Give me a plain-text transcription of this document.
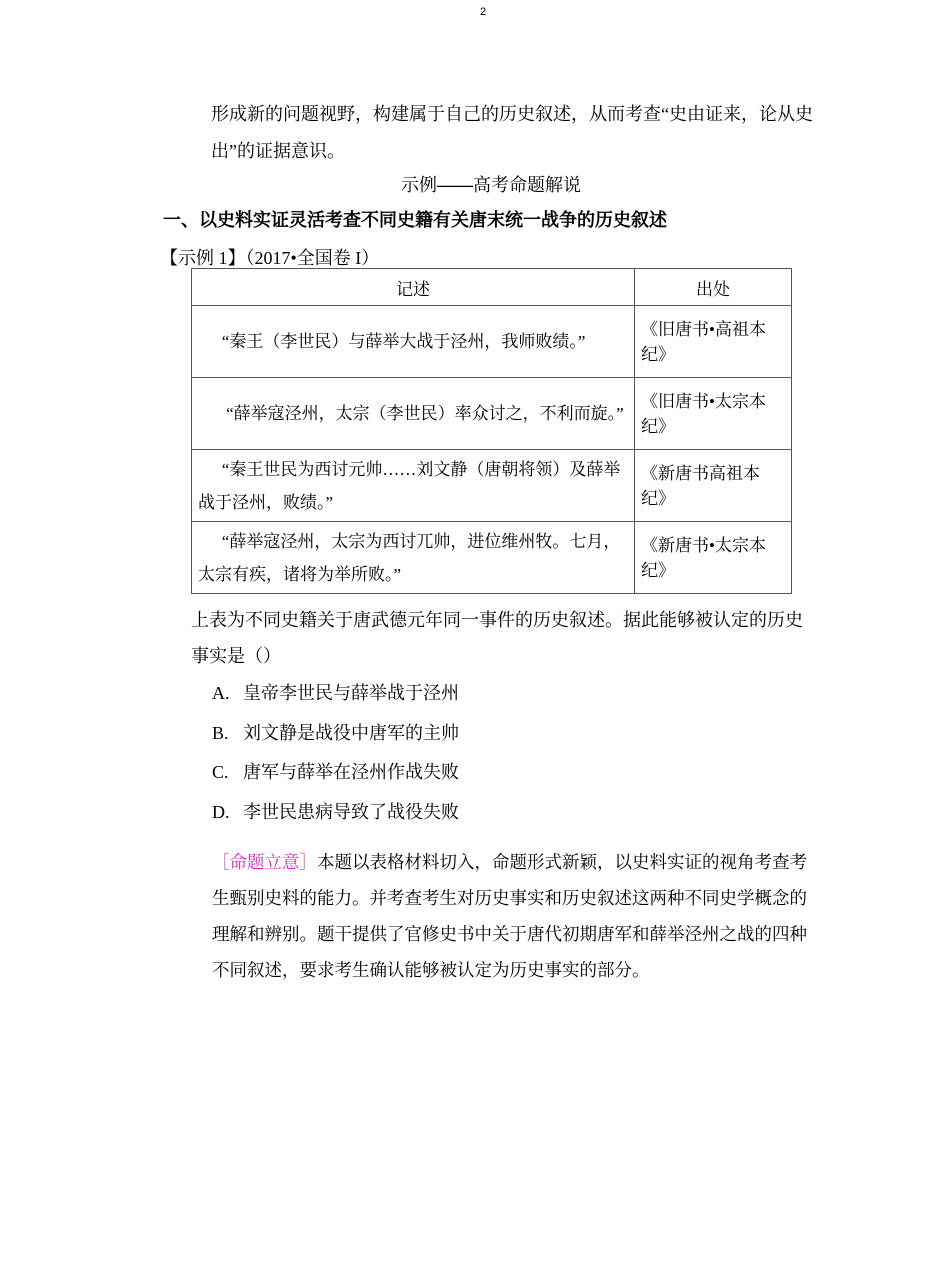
2
形成新的问题视野，构建属于自己的历史叙述，从而考查“史由证来，论从史出”的证据意识。
示例——高考命题解说
一、以史料实证灵活考查不同史籍有关唐末统一战争的历史叙述
【示例 1】（2017•全国卷 I）
记述	出处
“秦王（李世民）与薛举大战于泾州，我师败绩。”	《旧唐书•高祖本纪》
“薛举寇泾州，太宗（李世民）率众讨之，不利而旋。”	《旧唐书•太宗本纪》
“秦王世民为西讨元帅……刘文静（唐朝将领）及薛举战于泾州，败绩。”	《新唐书高祖本纪》
“薛举寇泾州，太宗为西讨兀帅，进位维州牧。七月，太宗有疾，诸将为举所败。”	《新唐书•太宗本纪》
上表为不同史籍关于唐武德元年同一事件的历史叙述。据此能够被认定的历史事实是（）
A. 皇帝李世民与薛举战于泾州
B. 刘文静是战役中唐军的主帅
C. 唐军与薛举在泾州作战失败
D. 李世民患病导致了战役失败
［命题立意］本题以表格材料切入，命题形式新颖，以史料实证的视角考查考生甄别史料的能力。并考查考生对历史事实和历史叙述这两种不同史学概念的理解和辨别。题干提供了官修史书中关于唐代初期唐军和薛举泾州之战的四种不同叙述，要求考生确认能够被认定为历史事实的部分。
